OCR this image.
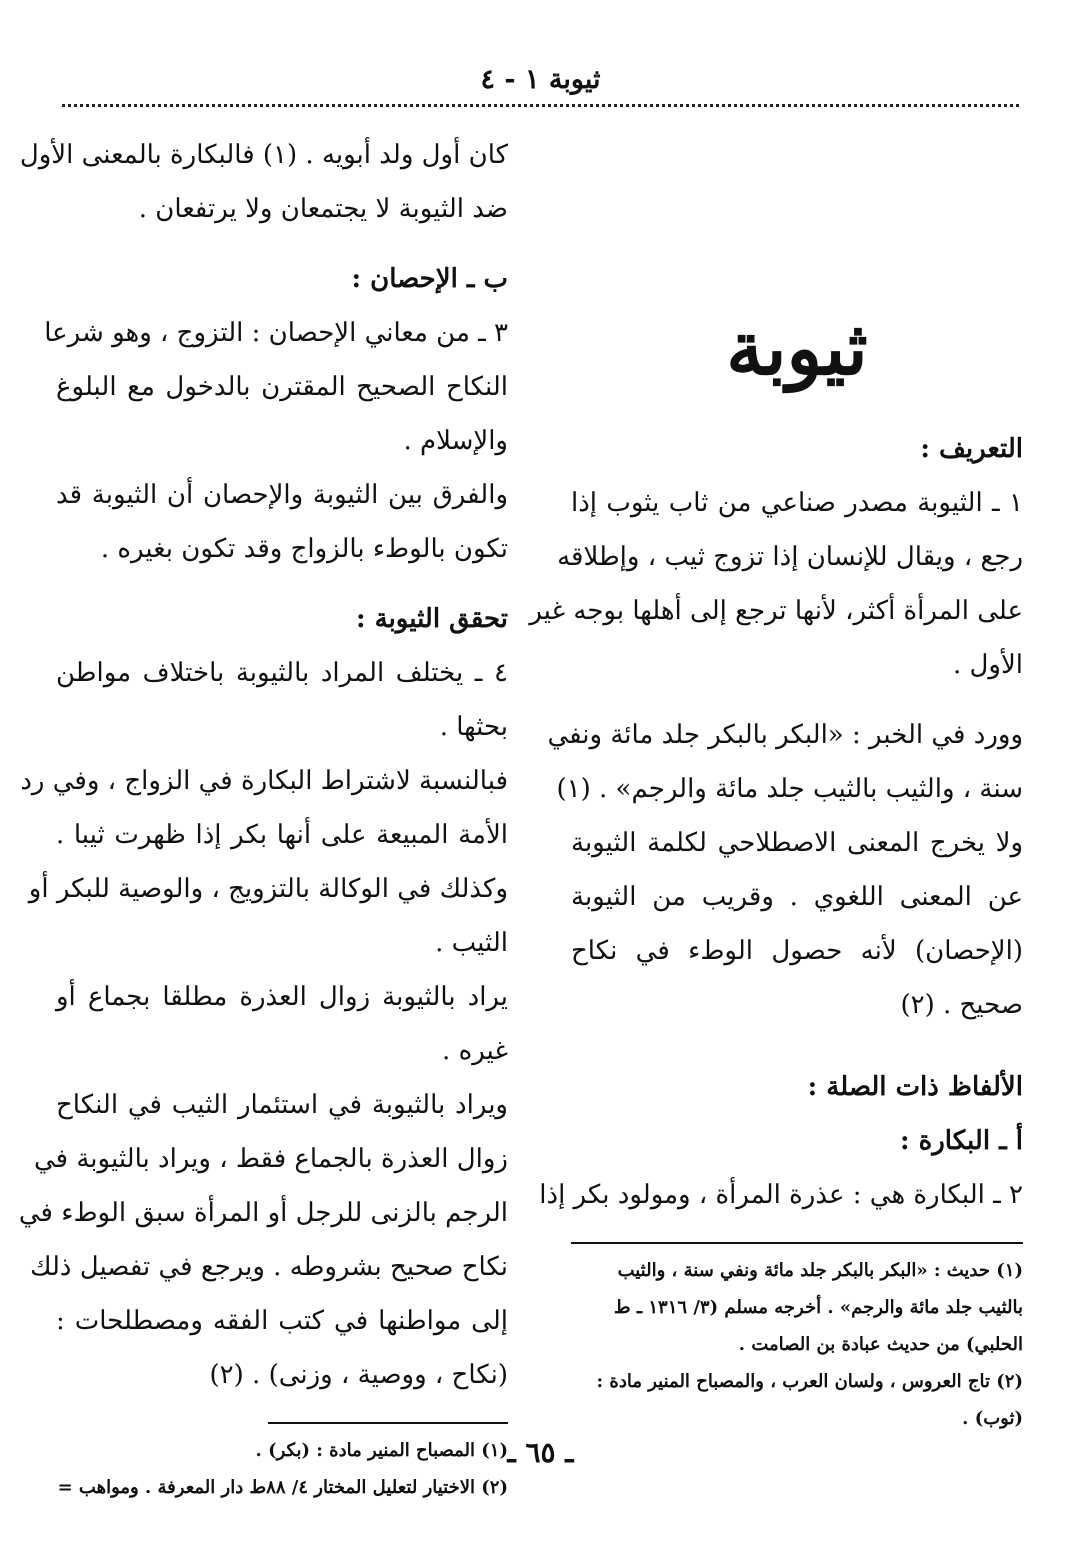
ثيوبة ١ - ٤
ثيوبة
التعريف :
١ ـ الثيوبة مصدر صناعي من ثاب يثوب إذا
رجع ، ويقال للإنسان إذا تزوج ثيب ، وإطلاقه
على المرأة أكثر، لأنها ترجع إلى أهلها بوجه غير
الأول .
وورد في الخبر : «البكر بالبكر جلد مائة ونفي
سنة ، والثيب بالثيب جلد مائة والرجم» . (١)
ولا يخرج المعنى الاصطلاحي لكلمة الثيوبة
عن المعنى اللغوي . وقريب من الثيوبة
(الإحصان) لأنه حصول الوطء في نكاح
صحيح . (٢)
الألفاظ ذات الصلة :
أ ـ البكارة :
٢ ـ البكارة هي : عذرة المرأة ، ومولود بكر إذا
(١) حديث : «البكر بالبكر جلد مائة ونفي سنة ، والثيب
بالثيب جلد مائة والرجم» . أخرجه مسلم (٣/ ١٣١٦ ـ ط
الحلبي) من حديث عبادة بن الصامت .
(٢) تاج العروس ، ولسان العرب ، والمصباح المنير مادة :
(ثوب) .
كان أول ولد أبويه . (١) فالبكارة بالمعنى الأول
ضد الثيوبة لا يجتمعان ولا يرتفعان .
ب ـ الإحصان :
٣ ـ من معاني الإحصان : التزوج ، وهو شرعا
النكاح الصحيح المقترن بالدخول مع البلوغ
والإسلام .
والفرق بين الثيوبة والإحصان أن الثيوبة قد
تكون بالوطء بالزواج وقد تكون بغيره .
تحقق الثيوبة :
٤ ـ يختلف المراد بالثيوبة باختلاف مواطن
بحثها .
فبالنسبة لاشتراط البكارة في الزواج ، وفي رد
الأمة المبيعة على أنها بكر إذا ظهرت ثيبا .
وكذلك في الوكالة بالتزويج ، والوصية للبكر أو
الثيب .
يراد بالثيوبة زوال العذرة مطلقا بجماع أو
غيره .
ويراد بالثيوبة في استئمار الثيب في النكاح
زوال العذرة بالجماع فقط ، ويراد بالثيوبة في
الرجم بالزنى للرجل أو المرأة سبق الوطء في
نكاح صحيح بشروطه . ويرجع في تفصيل ذلك
إلى مواطنها في كتب الفقه ومصطلحات :
(نكاح ، ووصية ، وزنى) . (٢)
(١) المصباح المنير مادة : (بكر) .
(٢) الاختيار لتعليل المختار ٤/ ٨٨ط دار المعرفة . ومواهب =
ـ ٦٥ ـ
